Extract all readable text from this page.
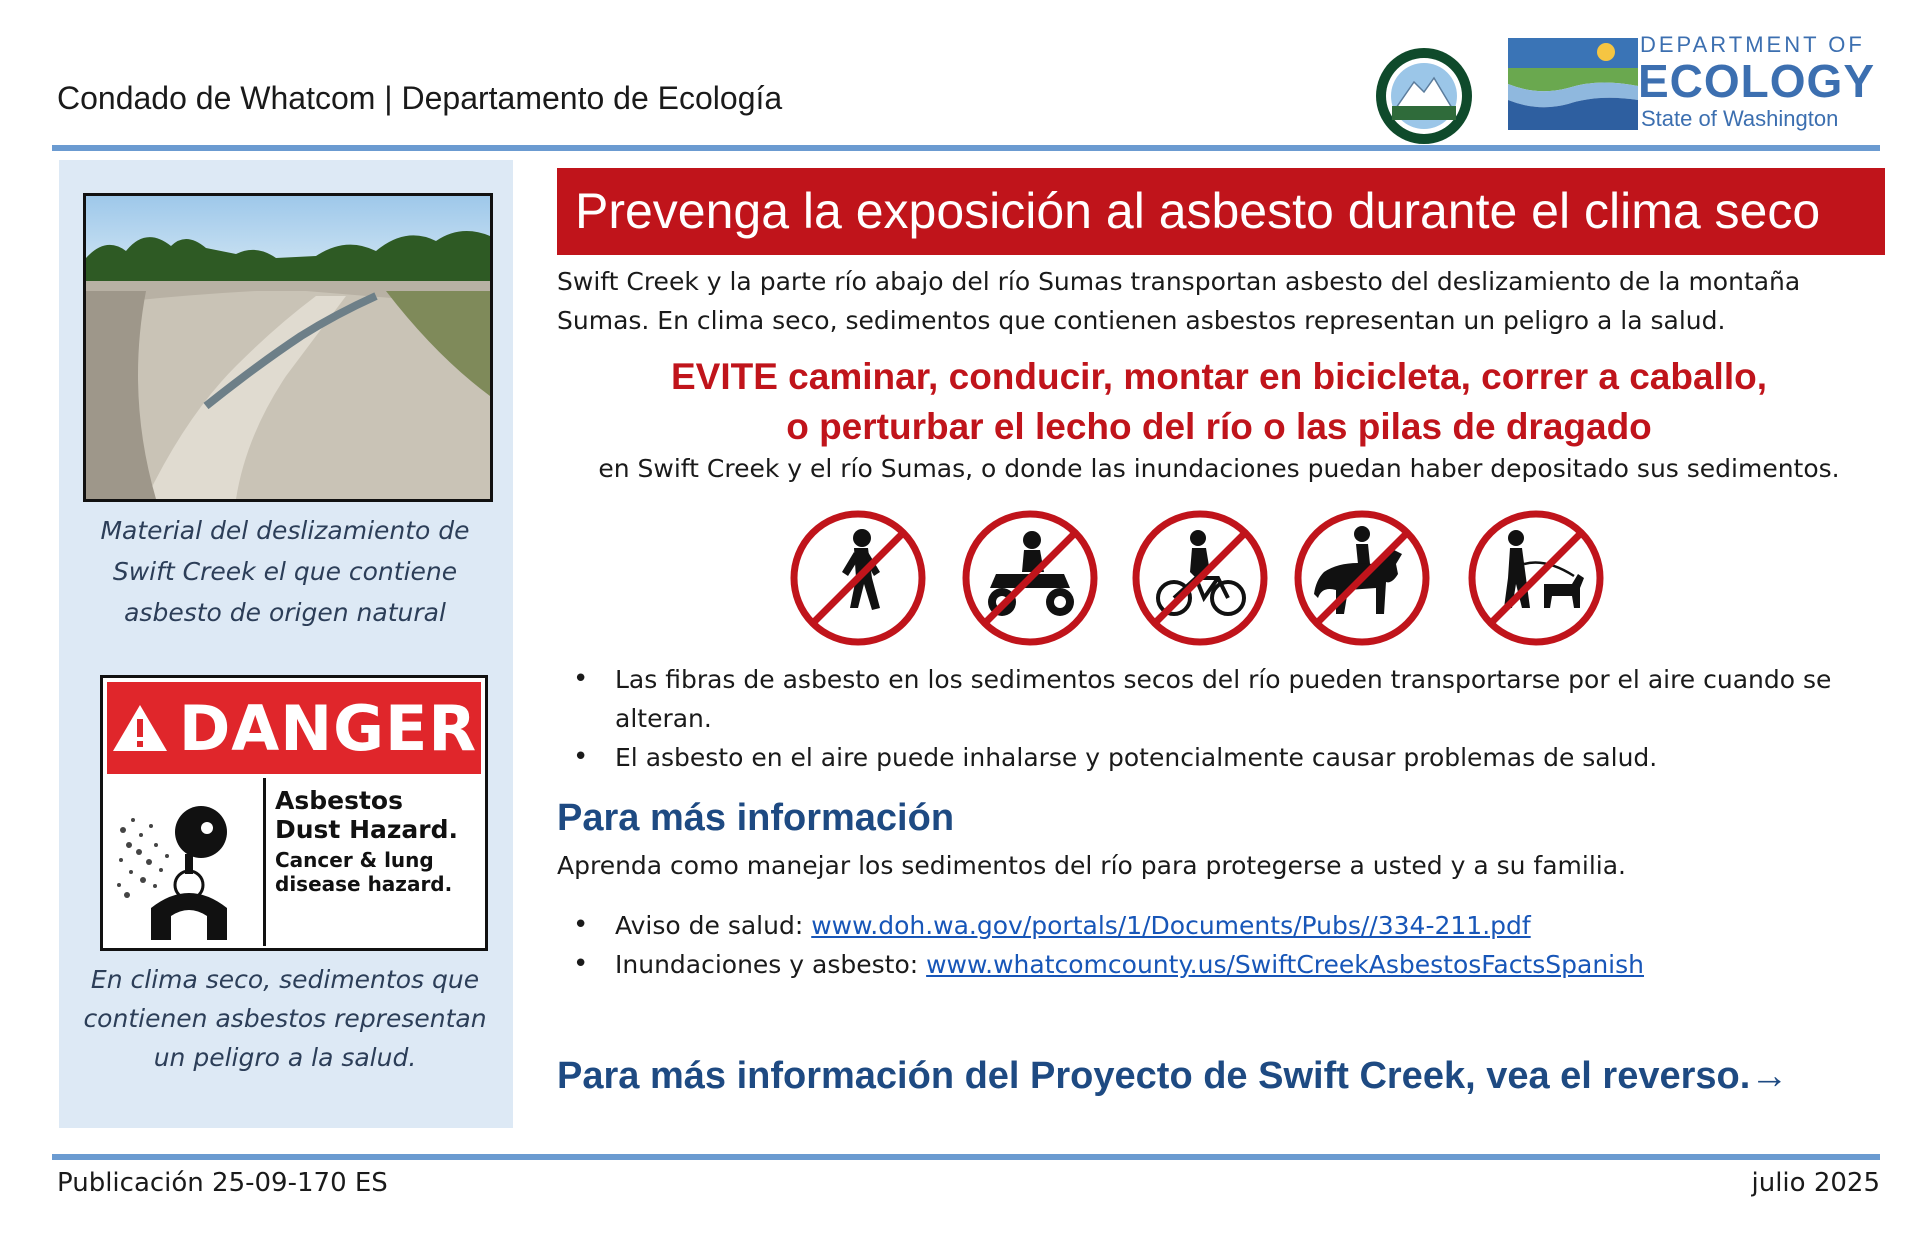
Condado de Whatcom | Departamento de Ecología
DEPARTMENT OF
ECOLOGY
State of Washington
Material del deslizamiento de Swift Creek el que contiene asbesto de origen natural
DANGER
Asbestos
Dust Hazard.
Cancer & lung
disease hazard.
En clima seco, sedimentos que contienen asbestos representan un peligro a la salud.
Prevenga la exposición al asbesto durante el clima seco
Swift Creek y la parte río abajo del río Sumas transportan asbesto del deslizamiento de la montaña Sumas. En clima seco, sedimentos que contienen asbestos representan un peligro a la salud.
EVITE caminar, conducir, montar en bicicleta, correr a caballo,
o perturbar el lecho del río o las pilas de dragado
en Swift Creek y el río Sumas, o donde las inundaciones puedan haber depositado sus sedimentos.
• Las fibras de asbesto en los sedimentos secos del río pueden transportarse por el aire cuando se alteran.
• El asbesto en el aire puede inhalarse y potencialmente causar problemas de salud.
Para más información
Aprenda como manejar los sedimentos del río para protegerse a usted y a su familia.
• Aviso de salud: www.doh.wa.gov/portals/1/Documents/Pubs//334-211.pdf
• Inundaciones y asbesto: www.whatcomcounty.us/SwiftCreekAsbestosFactsSpanish
Para más información del Proyecto de Swift Creek, vea el reverso.→
Publicación 25-09-170 ES	julio 2025
